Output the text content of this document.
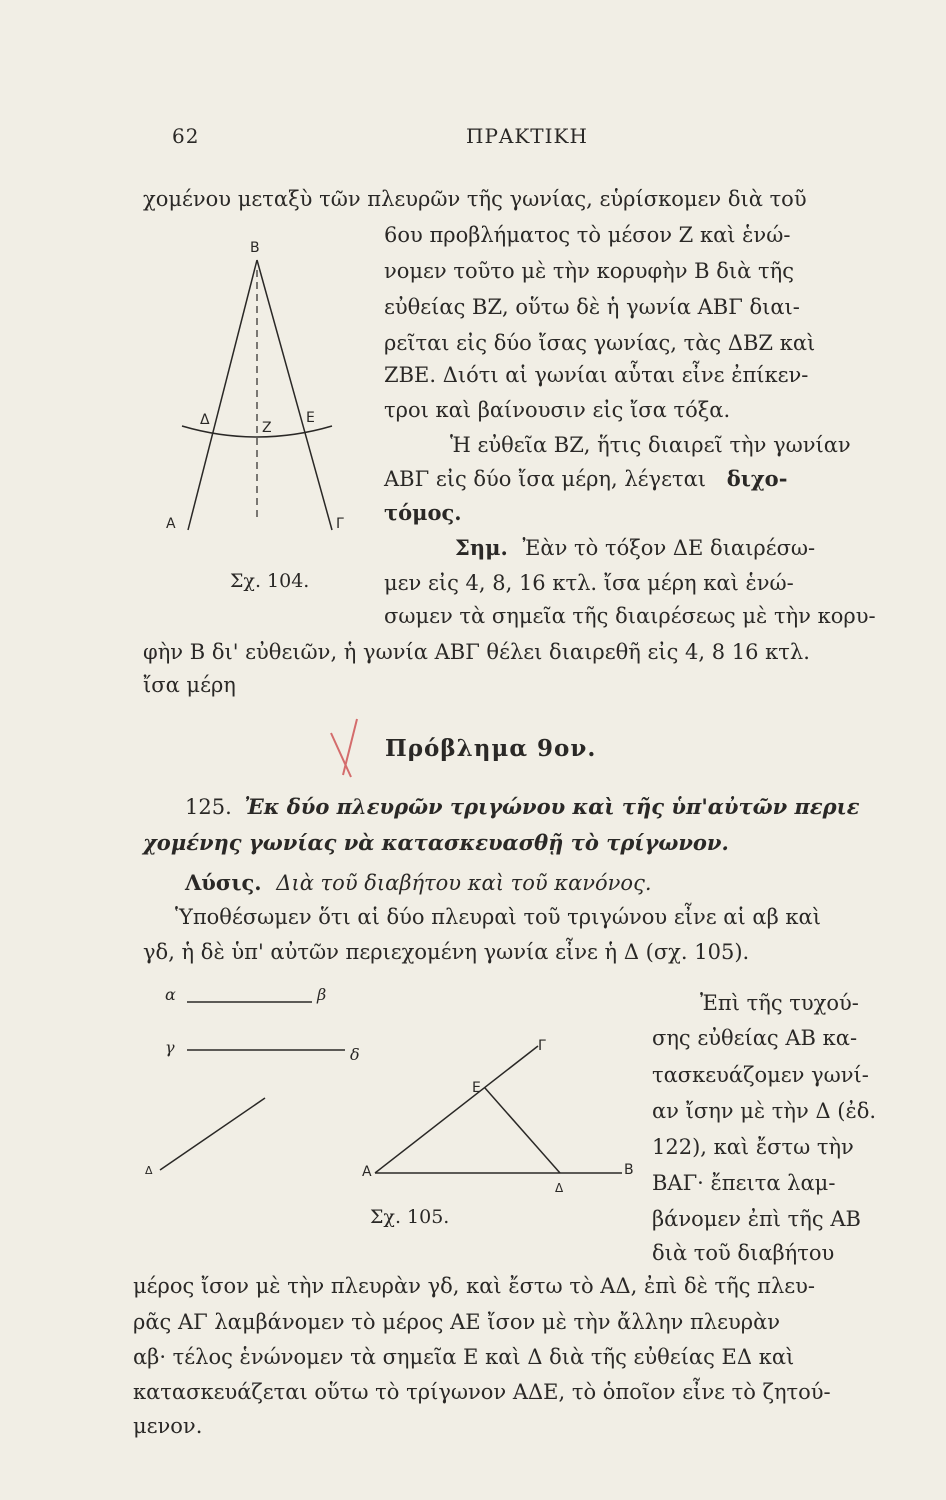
62	ΠΡΑΚΤΙΚΗ
χομένου μεταξὺ τῶν πλευρῶν τῆς γωνίας, εὑρίσκομεν διὰ τοῦ
6ου προβλήματος τὸ μέσον Ζ καὶ ἑνώ-
νομεν τοῦτο μὲ τὴν κορυφὴν Β διὰ τῆς
εὐθείας ΒΖ, οὕτω δὲ ἡ γωνία ΑΒΓ διαι-
ρεῖται εἰς δύο ἴσας γωνίας, τὰς ΔΒΖ καὶ
ΖΒΕ. Διότι αἱ γωνίαι αὗται εἶνε ἐπίκεν-
τροι καὶ βαίνουσιν εἰς ἴσα τόξα.
Ἡ εὐθεῖα ΒΖ, ἥτις διαιρεῖ τὴν γωνίαν
ΑΒΓ εἰς δύο ἴσα μέρη, λέγεται διχο-
τόμος.
Σημ. Ἐὰν τὸ τόξον ΔΕ διαιρέσω-
μεν εἰς 4, 8, 16 κτλ. ἴσα μέρη καὶ ἑνώ-
σωμεν τὰ σημεῖα τῆς διαιρέσεως μὲ τὴν κορυ-
φὴν Β δι' εὐθειῶν, ἡ γωνία ΑΒΓ θέλει διαιρεθῆ εἰς 4, 8 16 κτλ.
ἴσα μέρη
Β
Α	Γ
Δ	Ε
Ζ
Σχ. 104.
Πρόβλημα 9ον.
125. Ἐκ δύο πλευρῶν τριγώνου καὶ τῆς ὑπ'αὐτῶν περιε
χομένης γωνίας νὰ κατασκευασθῇ τὸ τρίγωνον.
Λύσις. Διὰ τοῦ διαβήτου καὶ τοῦ κανόνος.
Ὑποθέσωμεν ὅτι αἱ δύο πλευραὶ τοῦ τριγώνου εἶνε αἱ αβ καὶ
γδ, ἡ δὲ ὑπ' αὐτῶν περιεχομένη γωνία εἶνε ἡ Δ (σχ. 105).
Ἐπὶ τῆς τυχού-
σης εὐθείας ΑΒ κα-
τασκευάζομεν γωνί-
αν ἴσην μὲ τὴν Δ (ἐδ.
122), καὶ ἔστω τὴν
ΒΑΓ· ἔπειτα λαμ-
βάνομεν ἐπὶ τῆς ΑΒ
διὰ τοῦ διαβήτου
α	β
γ	δ
Δ	Α	Β
Γ
Ε
Δ
Σχ. 105.
μέρος ἴσον μὲ τὴν πλευρὰν γδ, καὶ ἔστω τὸ ΑΔ, ἐπὶ δὲ τῆς πλευ-
ρᾶς ΑΓ λαμβάνομεν τὸ μέρος ΑΕ ἴσον μὲ τὴν ἄλλην πλευρὰν
αβ· τέλος ἑνώνομεν τὰ σημεῖα Ε καὶ Δ διὰ τῆς εὐθείας ΕΔ καὶ
κατασκευάζεται οὕτω τὸ τρίγωνον ΑΔΕ, τὸ ὁποῖον εἶνε τὸ ζητού-
μενον.
